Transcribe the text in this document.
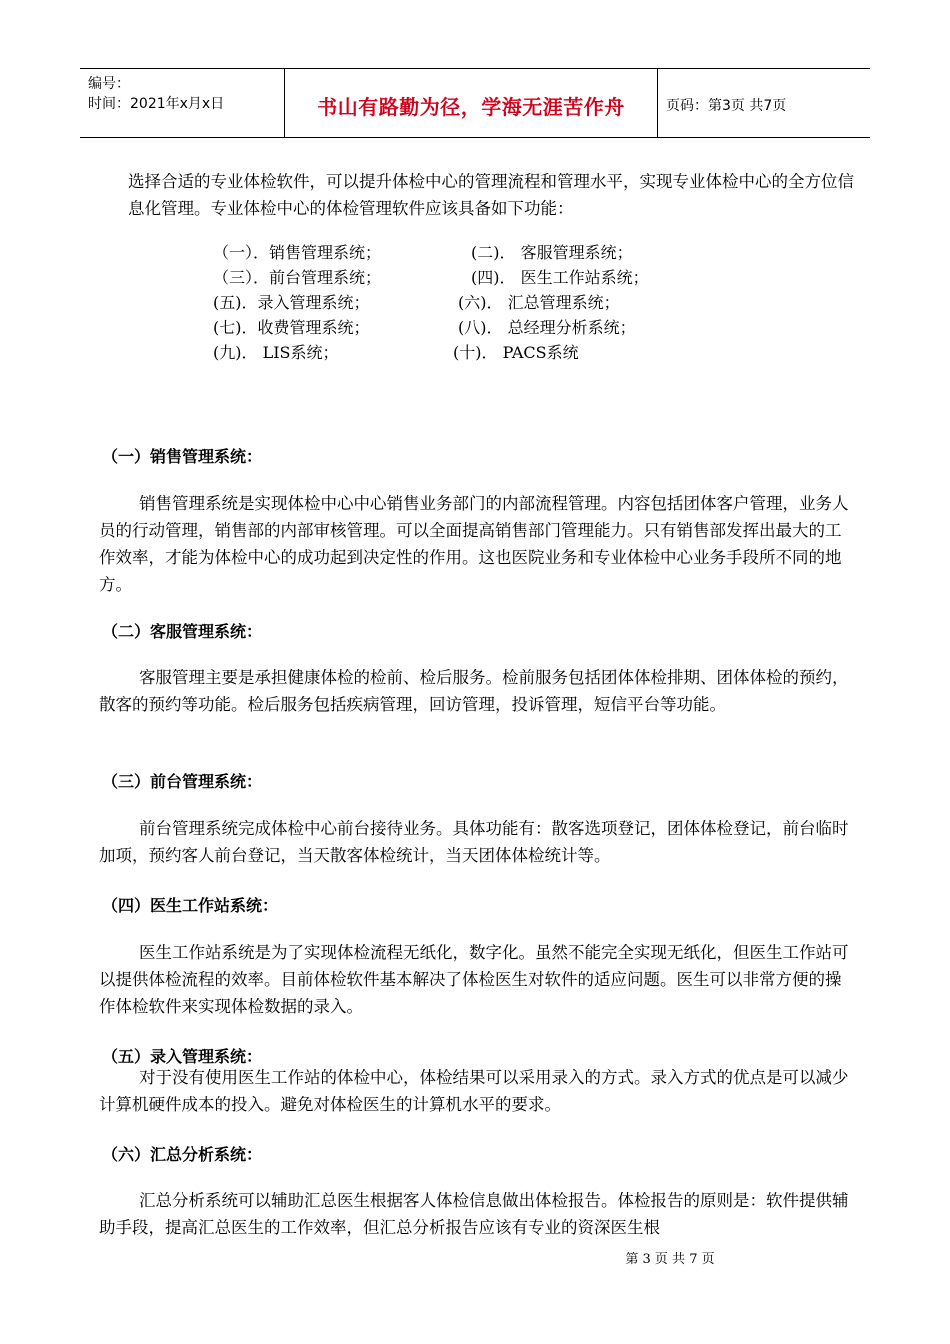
编号：
时间：2021年x月x日	书山有路勤为径，学海无涯苦作舟	页码：第3页 共7页

选择合适的专业体检软件，可以提升体检中心的管理流程和管理水平，实现专业体检中心的全方位信息化管理。专业体检中心的体检管理软件应该具备如下功能：

（一）．销售管理系统；	(二)． 客服管理系统；
（三）．前台管理系统；	(四)． 医生工作站系统；
(五)．录入管理系统；	(六)． 汇总管理系统；
(七)．收费管理系统；	(八)． 总经理分析系统；
(九)． LIS系统；	(十)． PACS系统
（一）销售管理系统：

销售管理系统是实现体检中心中心销售业务部门的内部流程管理。内容包括团体客户管理，业务人员的行动管理，销售部的内部审核管理。可以全面提高销售部门管理能力。只有销售部发挥出最大的工作效率，才能为体检中心的成功起到决定性的作用。这也医院业务和专业体检中心业务手段所不同的地方。

（二）客服管理系统：

客服管理主要是承担健康体检的检前、检后服务。检前服务包括团体体检排期、团体体检的预约，散客的预约等功能。检后服务包括疾病管理，回访管理，投诉管理，短信平台等功能。

（三）前台管理系统：

前台管理系统完成体检中心前台接待业务。具体功能有：散客选项登记，团体体检登记，前台临时加项，预约客人前台登记，当天散客体检统计，当天团体体检统计等。

（四）医生工作站系统：

医生工作站系统是为了实现体检流程无纸化，数字化。虽然不能完全实现无纸化，但医生工作站可以提供体检流程的效率。目前体检软件基本解决了体检医生对软件的适应问题。医生可以非常方便的操作体检软件来实现体检数据的录入。

（五）录入管理系统：

对于没有使用医生工作站的体检中心，体检结果可以采用录入的方式。录入方式的优点是可以减少计算机硬件成本的投入。避免对体检医生的计算机水平的要求。

（六）汇总分析系统：

汇总分析系统可以辅助汇总医生根据客人体检信息做出体检报告。体检报告的原则是：软件提供辅助手段，提高汇总医生的工作效率，但汇总分析报告应该有专业的资深医生根

第 3 页 共 7 页
